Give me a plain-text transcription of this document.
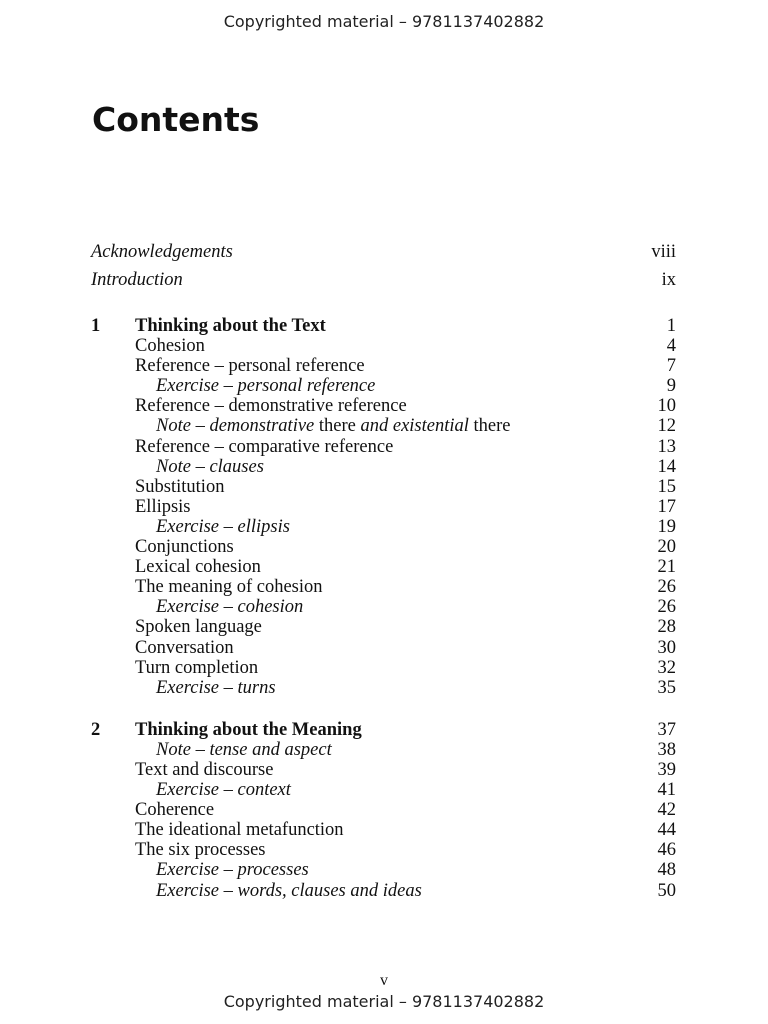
Copyrighted material – 9781137402882
Contents
Acknowledgements	viii
Introduction	ix
1 Thinking about the Text	1
Cohesion	4
Reference – personal reference	7
Exercise – personal reference	9
Reference – demonstrative reference	10
Note – demonstrative there and existential there	12
Reference – comparative reference	13
Note – clauses	14
Substitution	15
Ellipsis	17
Exercise – ellipsis	19
Conjunctions	20
Lexical cohesion	21
The meaning of cohesion	26
Exercise – cohesion	26
Spoken language	28
Conversation	30
Turn completion	32
Exercise – turns	35
2 Thinking about the Meaning	37
Note – tense and aspect	38
Text and discourse	39
Exercise – context	41
Coherence	42
The ideational metafunction	44
The six processes	46
Exercise – processes	48
Exercise – words, clauses and ideas	50
v
Copyrighted material – 9781137402882
